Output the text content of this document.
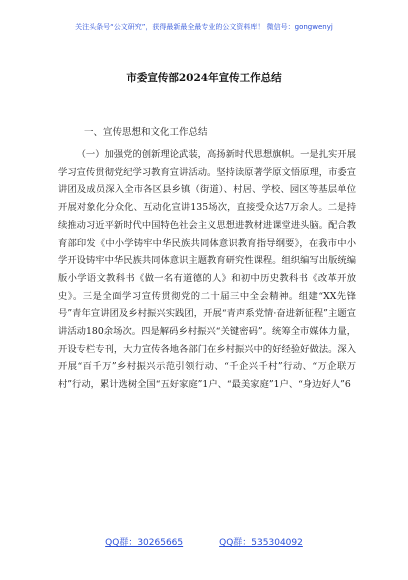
关注头条号“公文研究”，获得最新最全最专业的公文资料库！ 微信号：gongwenyj
市委宣传部2024年宣传工作总结
一、宣传思想和文化工作总结

（一）加强党的创新理论武装，高扬新时代思想旗帜。一是扎实开展学习宣传贯彻党纪学习教育宣讲活动。坚持读原著学原文悟原理，市委宣讲团及成员深入全市各区县乡镇（街道）、村居、学校、园区等基层单位开展对象化分众化、互动化宣讲135场次，直接受众达7万余人。二是持续推动习近平新时代中国特色社会主义思想进教材进课堂进头脑。配合教育部印发《中小学铸牢中华民族共同体意识教育指导纲要》，在我市中小学开设铸牢中华民族共同体意识主题教育研究性课程。组织编写出版统编版小学语文教科书《做一名有道德的人》和初中历史教科书《改革开放史》。三是全面学习宣传贯彻党的二十届三中全会精神。组建“XX先锋号”青年宣讲团及乡村振兴实践团，开展“青声系党情·奋进新征程”主题宣讲活动180余场次。四是解码乡村振兴“关键密码”。统筹全市媒体力量，开设专栏专刊，大力宣传各地各部门在乡村振兴中的好经验好做法。深入开展“百千万”乡村振兴示范引领行动、“千企兴千村”行动、“万企联万村”行动，累计选树全国“五好家庭”1户、“最美家庭”1户、“身边好人”6

QQ群：30265665	QQ群：535304092
